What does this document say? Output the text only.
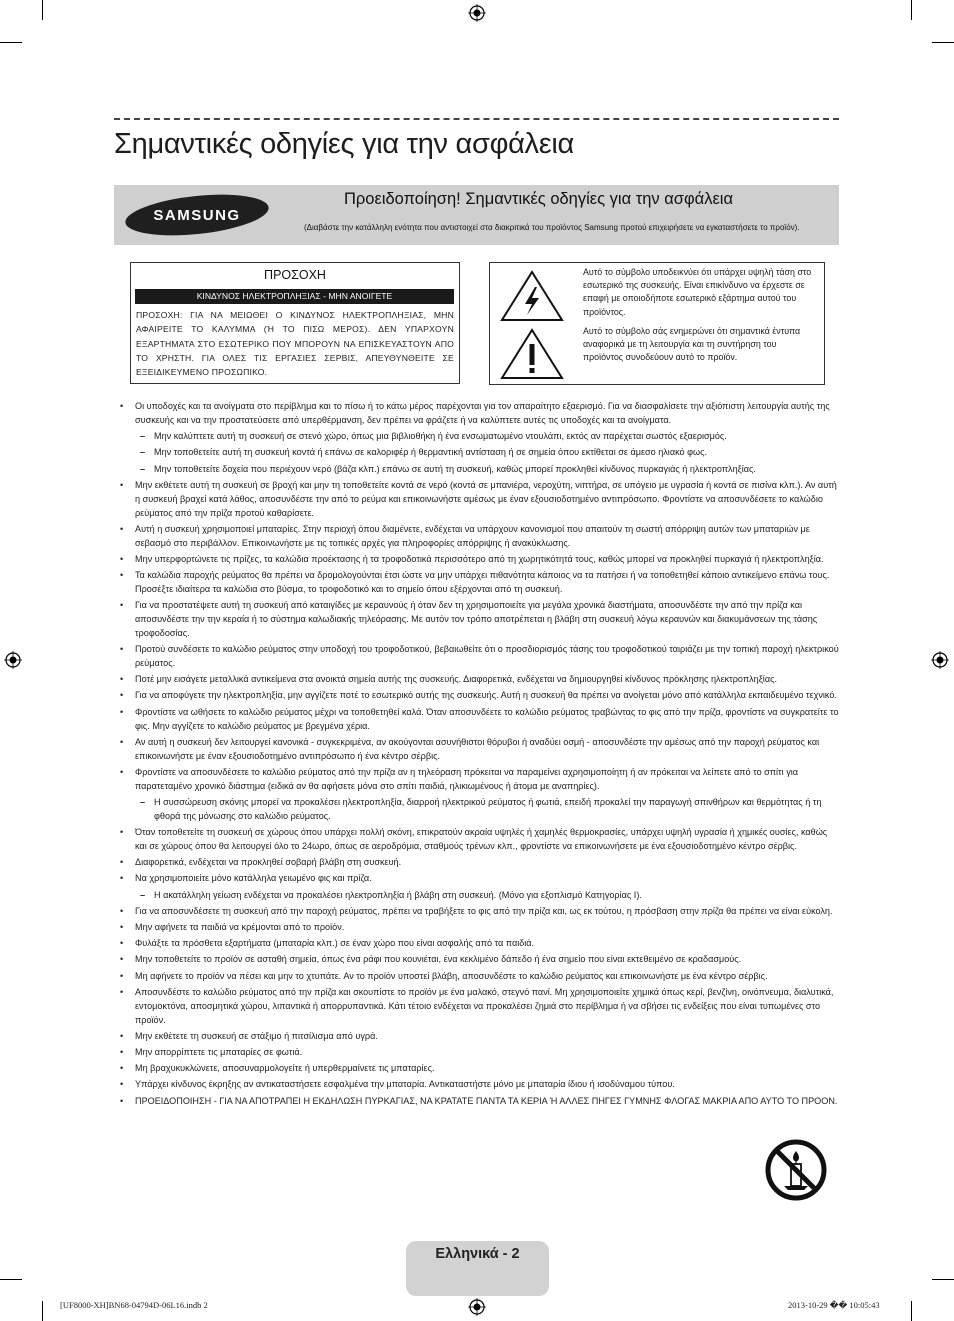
Σημαντικές οδηγίες για την ασφάλεια
SAMSUNG
Προειδοποίηση! Σημαντικές οδηγίες για την ασφάλεια
(Διαβάστε την κατάλληλη ενότητα που αντιστοιχεί στα διακριτικά του προϊόντος Samsung προτού επιχειρήσετε να εγκαταστήσετε το προϊόν).
ΠΡΟΣΟΧΗ
ΚΙΝΔΥΝΟΣ ΗΛΕΚΤΡΟΠΛΗΞΙΑΣ - ΜΗΝ ΑΝΟΙΓΕΤΕ
ΠΡΟΣΟΧΗ: ΓΙΑ ΝΑ ΜΕΙΩΘΕΙ Ο ΚΙΝΔΥΝΟΣ ΗΛΕΚΤΡΟΠΛΗΞΙΑΣ, ΜΗΝ ΑΦΑΙΡΕΙΤΕ ΤΟ ΚΑΛΥΜΜΑ (Ή ΤΟ ΠΙΣΩ ΜΕΡΟΣ). ΔΕΝ ΥΠΑΡΧΟΥΝ ΕΞΑΡΤΗΜΑΤΑ ΣΤΟ ΕΣΩΤΕΡΙΚΟ ΠΟΥ ΜΠΟΡΟΥΝ ΝΑ ΕΠΙΣΚΕΥΑΣΤΟΥΝ ΑΠΟ ΤΟ ΧΡΗΣΤΗ. ΓΙΑ ΟΛΕΣ ΤΙΣ ΕΡΓΑΣΙΕΣ ΣΕΡΒΙΣ, ΑΠΕΥΘΥΝΘΕΙΤΕ ΣΕ ΕΞΕΙΔΙΚΕΥΜΕΝΟ ΠΡΟΣΩΠΙΚΟ.
Αυτό το σύμβολο υποδεικνύει ότι υπάρχει υψηλή τάση στο εσωτερικό της συσκευής. Είναι επικίνδυνο να έρχεστε σε επαφή με οποιοδήποτε εσωτερικό εξάρτημα αυτού του προϊόντος.
Αυτό το σύμβολο σάς ενημερώνει ότι σημαντικά έντυπα αναφορικά με τη λειτουργία και τη συντήρηση του προϊόντος συνοδεύουν αυτό το προϊόν.
• Οι υποδοχές και τα ανοίγματα στο περίβλημα και το πίσω ή το κάτω μέρος παρέχονται για τον απαραίτητο εξαερισμό. Για να διασφαλίσετε την αξιόπιστη λειτουργία αυτής της συσκευής και να την προστατεύσετε από υπερθέρμανση, δεν πρέπει να φράζετε ή να καλύπτετε αυτές τις υποδοχές και τα ανοίγματα.
– Μην καλύπτετε αυτή τη συσκευή σε στενό χώρο, όπως μια βιβλιοθήκη ή ένα ενσωματωμένο ντουλάπι, εκτός αν παρέχεται σωστός εξαερισμός.
– Μην τοποθετείτε αυτή τη συσκευή κοντά ή επάνω σε καλοριφέρ ή θερμαντική αντίσταση ή σε σημεία όπου εκτίθεται σε άμεσο ηλιακό φως.
– Μην τοποθετείτε δοχεία που περιέχουν νερό (βάζα κλπ.) επάνω σε αυτή τη συσκευή, καθώς μπορεί προκληθεί κίνδυνος πυρκαγιάς ή ηλεκτροπληξίας.
• Μην εκθέτετε αυτή τη συσκευή σε βροχή και μην τη τοποθετείτε κοντά σε νερό (κοντά σε μπανιέρα, νεροχύτη, νιπτήρα, σε υπόγειο με υγρασία ή κοντά σε πισίνα κλπ.). Αν αυτή η συσκευή βραχεί κατά λάθος, αποσυνδέστε την από το ρεύμα και επικοινωνήστε αμέσως με έναν εξουσιοδοτημένο αντιπρόσωπο. Φροντίστε να αποσυνδέσετε το καλώδιο ρεύματος από την πρίζα προτού καθαρίσετε.
• Αυτή η συσκευή χρησιμοποιεί μπαταρίες. Στην περιοχή όπου διαμένετε, ενδέχεται να υπάρχουν κανονισμοί που απαιτούν τη σωστή απόρριψη αυτών των μπαταριών με σεβασμό στο περιβάλλον. Επικοινωνήστε με τις τοπικές αρχές για πληροφορίες απόρριψης ή ανακύκλωσης.
• Μην υπερφορτώνετε τις πρίζες, τα καλώδια προέκτασης ή τα τροφοδοτικά περισσότερο από τη χωρητικότητά τους, καθώς μπορεί να προκληθεί πυρκαγιά ή ηλεκτροπληξία.
• Τα καλώδια παροχής ρεύματος θα πρέπει να δρομολογούνται έτσι ώστε να μην υπάρχει πιθανότητα κάποιος να τα πατήσει ή να τοποθετηθεί κάποιο αντικείμενο επάνω τους. Προσέξτε ιδιαίτερα τα καλώδια στο βύσμα, το τροφοδοτικό και το σημείο όπου εξέρχονται από τη συσκευή.
• Για να προστατέψετε αυτή τη συσκευή από καταιγίδες με κεραυνούς ή όταν δεν τη χρησιμοποιείτε για μεγάλα χρονικά διαστήματα, αποσυνδέστε την από την πρίζα και αποσυνδέστε την την κεραία ή το σύστημα καλωδιακής τηλεόρασης. Με αυτόν τον τρόπο αποτρέπεται η βλάβη στη συσκευή λόγω κεραυνών και διακυμάνσεων της τάσης τροφοδοσίας.
• Προτού συνδέσετε το καλώδιο ρεύματος στην υποδοχή του τροφοδοτικού, βεβαιωθείτε ότι ο προσδιορισμός τάσης του τροφοδοτικού ταιριάζει με την τοπική παροχή ηλεκτρικού ρεύματος.
• Ποτέ μην εισάγετε μεταλλικά αντικείμενα στα ανοικτά σημεία αυτής της συσκευής. Διαφορετικά, ενδέχεται να δημιουργηθεί κίνδυνος πρόκλησης ηλεκτροπληξίας.
• Για να αποφύγετε την ηλεκτροπληξία, μην αγγίζετε ποτέ το εσωτερικό αυτής της συσκευής. Αυτή η συσκευή θα πρέπει να ανοίγεται μόνο από κατάλληλα εκπαιδευμένο τεχνικό.
• Φροντίστε να ωθήσετε το καλώδιο ρεύματος μέχρι να τοποθετηθεί καλά. Όταν αποσυνδέετε το καλώδιο ρεύματος τραβώντας το φις από την πρίζα, φροντίστε να συγκρατείτε το φις. Μην αγγίζετε το καλώδιο ρεύματος με βρεγμένα χέρια.
• Αν αυτή η συσκευή δεν λειτουργεί κανονικά - συγκεκριμένα, αν ακούγονται ασυνήθιστοι θόρυβοι ή αναδύει οσμή - αποσυνδέστε την αμέσως από την παροχή ρεύματος και επικοινωνήστε με έναν εξουσιοδοτημένο αντιπρόσωπο ή ένα κέντρο σέρβις.
• Φροντίστε να αποσυνδέσετε το καλώδιο ρεύματος από την πρίζα αν η τηλεόραση πρόκειται να παραμείνει αχρησιμοποίητη ή αν πρόκειται να λείπετε από το σπίτι για παρατεταμένο χρονικό διάστημα (ειδικά αν θα αφήσετε μόνα στο σπίτι παιδιά, ηλικιωμένους ή άτομα με αναπηρίες).
– Η συσσώρευση σκόνης μπορεί να προκαλέσει ηλεκτροπληξία, διαρροή ηλεκτρικού ρεύματος ή φωτιά, επειδή προκαλεί την παραγωγή σπινθήρων και θερμότητας ή τη φθορά της μόνωσης στο καλώδιο ρεύματος.
• Όταν τοποθετείτε τη συσκευή σε χώρους όπου υπάρχει πολλή σκόνη, επικρατούν ακραία υψηλές ή χαμηλές θερμοκρασίες, υπάρχει υψηλή υγρασία ή χημικές ουσίες, καθώς και σε χώρους όπου θα λειτουργεί όλο το 24ωρο, όπως σε αεροδρόμια, σταθμούς τρένων κλπ., φροντίστε να επικοινωνήσετε με ένα εξουσιοδοτημένο κέντρο σέρβις.
• Διαφορετικά, ενδέχεται να προκληθεί σοβαρή βλάβη στη συσκευή.
• Να χρησιμοποιείτε μόνο κατάλληλα γειωμένο φις και πρίζα.
– Η ακατάλληλη γείωση ενδέχεται να προκαλέσει ηλεκτροπληξία ή βλάβη στη συσκευή. (Μόνο για εξοπλισμό Κατηγορίας I).
• Για να αποσυνδέσετε τη συσκευή από την παροχή ρεύματος, πρέπει να τραβήξετε το φις από την πρίζα και, ως εκ τούτου, η πρόσβαση στην πρίζα θα πρέπει να είναι εύκολη.
• Μην αφήνετε τα παιδιά να κρέμονται από το προϊόν.
• Φυλάξτε τα πρόσθετα εξαρτήματα (μπαταρία κλπ.) σε έναν χώρο που είναι ασφαλής από τα παιδιά.
• Μην τοποθετείτε το προϊόν σε ασταθή σημεία, όπως ένα ράφι που κουνιέται, ένα κεκλιμένο δάπεδο ή ένα σημείο που είναι εκτεθειμένο σε κραδασμούς.
• Μη αφήνετε το προϊόν να πέσει και μην το χτυπάτε. Αν το προϊόν υποστεί βλάβη, αποσυνδέστε το καλώδιο ρεύματος και επικοινωνήστε με ένα κέντρο σέρβις.
• Αποσυνδέστε το καλώδιο ρεύματος από την πρίζα και σκουπίστε το προϊόν με ένα μαλακό, στεγνό πανί. Μη χρησιμοποιείτε χημικά όπως κερί, βενζίνη, οινόπνευμα, διαλυτικά, εντομοκτόνα, αποσμητικά χώρου, λιπαντικά ή απορρυπαντικά. Κάτι τέτοιο ενδέχεται να προκαλέσει ζημιά στο περίβλημα ή να σβήσει τις ενδείξεις που είναι τυπωμένες στο προϊόν.
• Μην εκθέτετε τη συσκευή σε στάξιμο ή πιτσίλισμα από υγρά.
• Μην απορρίπτετε τις μπαταρίες σε φωτιά.
• Μη βραχυκυκλώνετε, αποσυναρμολογείτε ή υπερθερμαίνετε τις μπαταρίες.
• Υπάρχει κίνδυνος έκρηξης αν αντικαταστήσετε εσφαλμένα την μπαταρία. Αντικαταστήστε μόνο με μπαταρία ίδιου ή ισοδύναμου τύπου.
• ΠΡΟΕΙΔΟΠΟΙΗΣΗ - ΓΙΑ ΝΑ ΑΠΟΤΡΑΠΕΙ Η ΕΚΔΗΛΩΣΗ ΠΥΡΚΑΓΙΑΣ, ΝΑ ΚΡΑΤΑΤΕ ΠΑΝΤΑ ΤΑ ΚΕΡΙΑ Ή ΑΛΛΕΣ ΠΗΓΕΣ ΓΥΜΝΗΣ ΦΛΟΓΑΣ ΜΑΚΡΙΑ ΑΠΟ ΑΥΤΟ ΤΟ ΠΡΟΟΝ.
Ελληνικά - 2
[UF8000-XH]BN68-04794D-06L16.indb 2	2013-10-29 �� 10:05:43
